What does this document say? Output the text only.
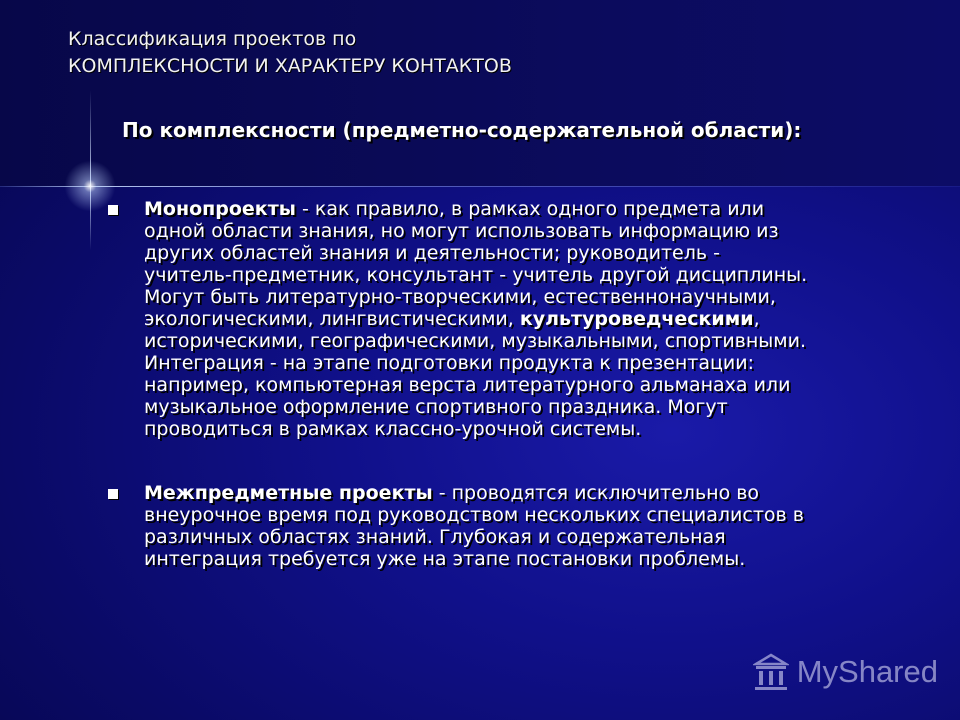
Классификация проектов по
КОМПЛЕКСНОСТИ И ХАРАКТЕРУ КОНТАКТОВ
По комплексности (предметно-содержательной области):

Монопроекты - как правило, в рамках одного предмета или

одной области знания, но могут использовать информацию из

других областей знания и деятельности; руководитель -

учитель-предметник, консультант - учитель другой дисциплины.

Могут быть литературно-творческими, естественнонаучными,

экологическими, лингвистическими, культуроведческими,

историческими, географическими, музыкальными, спортивными.

Интеграция - на этапе подготовки продукта к презентации:

например, компьютерная верста литературного альманаха или

музыкальное оформление спортивного праздника. Могут

проводиться в рамках классно-урочной системы.

Межпредметные проекты - проводятся исключительно во

внеурочное время под руководством нескольких специалистов в

различных областях знаний. Глубокая и содержательная

интеграция требуется уже на этапе постановки проблемы.

MyShared
